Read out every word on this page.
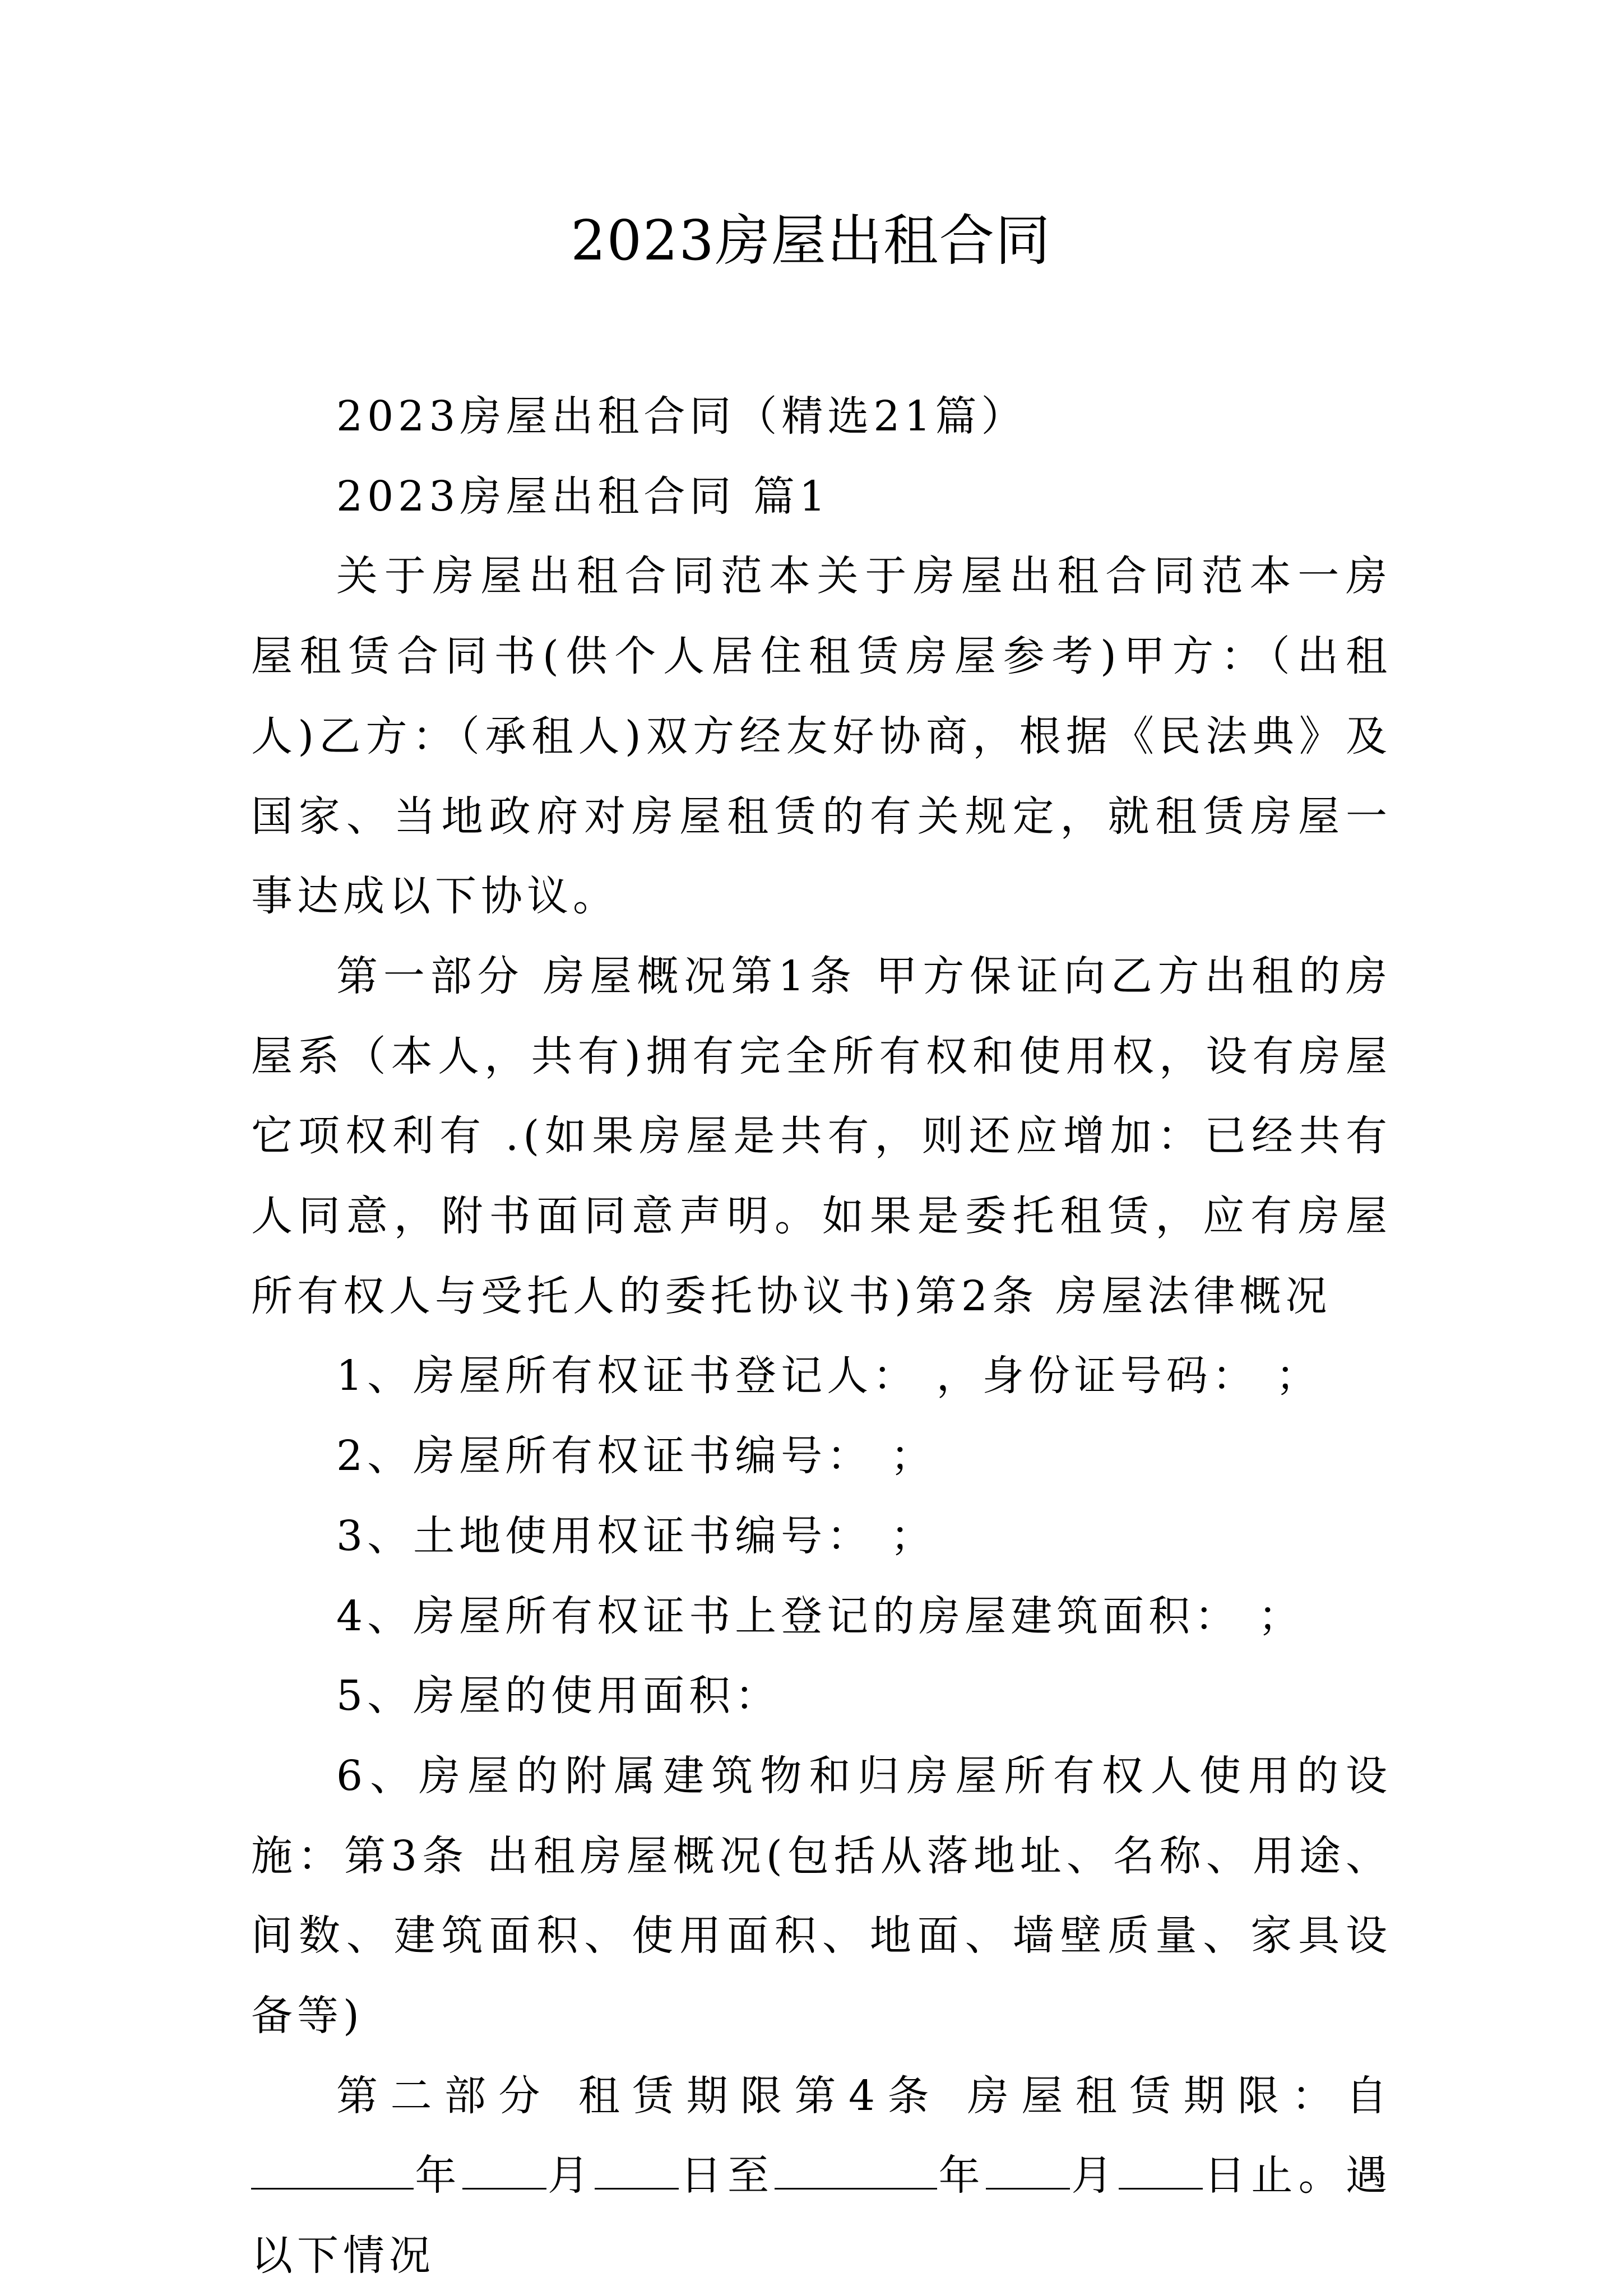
2023房屋出租合同

2023房屋出租合同（精选21篇）

2023房屋出租合同 篇1

关于房屋出租合同范本关于房屋出租合同范本一房屋租赁合同书(供个人居住租赁房屋参考)甲方：（出租人)乙方：（承租人)双方经友好协商，根据《民法典》及国家、当地政府对房屋租赁的有关规定，就租赁房屋一事达成以下协议。

第一部分 房屋概况第1条 甲方保证向乙方出租的房屋系（本人，共有)拥有完全所有权和使用权，设有房屋它项权利有 .(如果房屋是共有，则还应增加：已经共有人同意，附书面同意声明。如果是委托租赁，应有房屋所有权人与受托人的委托协议书)第2条 房屋法律概况

1、房屋所有权证书登记人： ，身份证号码： ；

2、房屋所有权证书编号： ；

3、土地使用权证书编号： ；

4、房屋所有权证书上登记的房屋建筑面积： ；

5、房屋的使用面积：

6、房屋的附属建筑物和归房屋所有权人使用的设施：第3条 出租房屋概况(包括从落地址、名称、用途、间数、建筑面积、使用面积、地面、墙壁质量、家具设备等)

第二部分 租赁期限第4条 房屋租赁期限：自年 月 日至	年 月 日止。遇以下情况
